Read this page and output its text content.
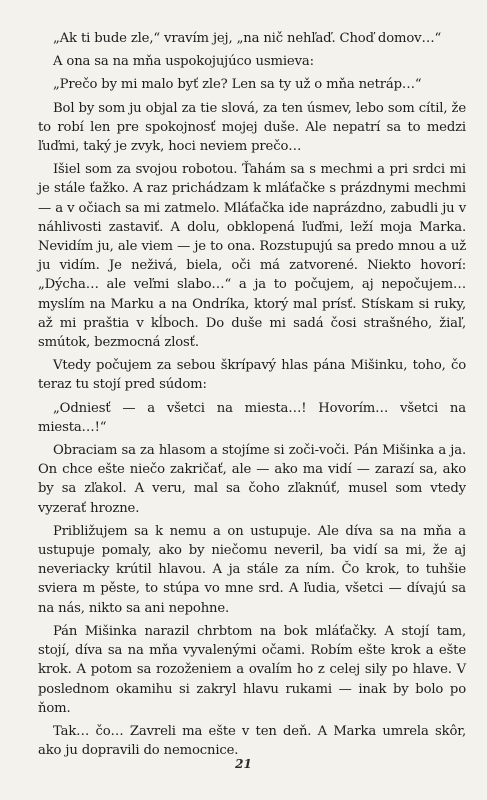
„Ak ti bude zle,“ vravím jej, „na nič nehľaď. Choď domov…“

A ona sa na mňa uspokojujúco usmieva:

„Prečo by mi malo byť zle? Len sa ty už o mňa netráp…“

Bol by som ju objal za tie slová, za ten úsmev, lebo som cítil, že to robí len pre spokojnosť mojej duše. Ale nepatrí sa to medzi ľuďmi, taký je zvyk, hoci neviem prečo…

Išiel som za svojou robotou. Ťahám sa s mechmi a pri srdci mi je stále ťažko. A raz prichádzam k mláťačke s prázdnymi mechmi — a v očiach sa mi zatmelo. Mláťačka ide naprázdno, zabudli ju v náhlivosti zastaviť. A dolu, obklopená ľuďmi, leží moja Marka. Nevidím ju, ale viem — je to ona. Rozstupujú sa predo mnou a už ju vidím. Je neživá, biela, oči má zatvorené. Niekto hovorí: „Dýcha… ale veľmi slabo…“ a ja to počujem, aj nepočujem… myslím na Marku a na Ondríka, ktorý mal prísť. Stískam si ruky, až mi praštia v kĺboch. Do duše mi sadá čosi strašného, žiaľ, smútok, bezmocná zlosť.

Vtedy počujem za sebou škrípavý hlas pána Mišinku, toho, čo teraz tu stojí pred súdom:

„Odniesť — a všetci na miesta…! Hovorím… všetci na miesta…!“

Obraciam sa za hlasom a stojíme si zoči-voči. Pán Mišinka a ja. On chce ešte niečo zakričať, ale — ako ma vidí — zarazí sa, ako by sa zľakol. A veru, mal sa čoho zľaknúť, musel som vtedy vyzerať hrozne.

Približujem sa k nemu a on ustupuje. Ale díva sa na mňa a ustupuje pomaly, ako by niečomu neveril, ba vidí sa mi, že aj neveriacky krútil hlavou. A ja stále za ním. Čo krok, to tuhšie sviera m pěste, to stúpa vo mne srd. A ľudia, všetci — dívajú sa na nás, nikto sa ani nepohne.

Pán Mišinka narazil chrbtom na bok mláťačky. A stojí tam, stojí, díva sa na mňa vyvalenými očami. Robím ešte krok a ešte krok. A potom sa rozoženiem a ovalím ho z celej sily po hlave. V poslednom okamihu si zakryl hlavu rukami — inak by bolo po ňom.

Tak… čo… Zavreli ma ešte v ten deň. A Marka umrela skôr, ako ju dopravili do nemocnice.

21
